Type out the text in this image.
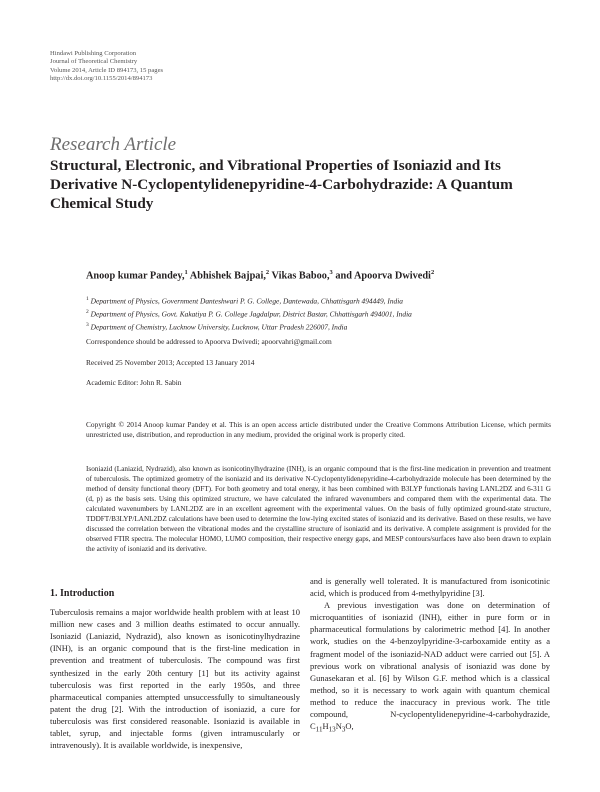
Hindawi Publishing Corporation
Journal of Theoretical Chemistry
Volume 2014, Article ID 894173, 15 pages
http://dx.doi.org/10.1155/2014/894173
Research Article
Structural, Electronic, and Vibrational Properties of Isoniazid and Its Derivative N-Cyclopentylidenepyridine-4-Carbohydrazide: A Quantum Chemical Study
Anoop kumar Pandey,$^1$ Abhishek Bajpai,$^2$ Vikas Baboo,$^3$ and Apoorva Dwivedi$^2$
$^1$ Department of Physics, Government Danteshwari P. G. College, Dantewada, Chhattisgarh 494449, India
$^2$ Department of Physics, Govt. Kakatiya P. G. College Jagdalpur, District Bastar, Chhattisgarh 494001, India
$^3$ Department of Chemistry, Lucknow University, Lucknow, Uttar Pradesh 226007, India
Correspondence should be addressed to Apoorva Dwivedi; apoorvahri@gmail.com
Received 25 November 2013; Accepted 13 January 2014
Academic Editor: John R. Sabin
Copyright © 2014 Anoop kumar Pandey et al. This is an open access article distributed under the Creative Commons Attribution License, which permits unrestricted use, distribution, and reproduction in any medium, provided the original work is properly cited.
Isoniazid (Laniazid, Nydrazid), also known as isonicotinylhydrazine (INH), is an organic compound that is the first-line medication in prevention and treatment of tuberculosis. The optimized geometry of the isoniazid and its derivative N-Cyclopentylidenepyridine-4-carbohydrazide molecule has been determined by the method of density functional theory (DFT). For both geometry and total energy, it has been combined with B3LYP functionals having LANL2DZ and 6-311 G (d, p) as the basis sets. Using this optimized structure, we have calculated the infrared wavenumbers and compared them with the experimental data. The calculated wavenumbers by LANL2DZ are in an excellent agreement with the experimental values. On the basis of fully optimized ground-state structure, TDDFT/B3LYP/LANL2DZ calculations have been used to determine the low-lying excited states of isoniazid and its derivative. Based on these results, we have discussed the correlation between the vibrational modes and the crystalline structure of isoniazid and its derivative. A complete assignment is provided for the observed FTIR spectra. The molecular HOMO, LUMO composition, their respective energy gaps, and MESP contours/surfaces have also been drawn to explain the activity of isoniazid and its derivative.

1. Introduction

Tuberculosis remains a major worldwide health problem with at least 10 million new cases and 3 million deaths estimated to occur annually. Isoniazid (Laniazid, Nydrazid), also known as isonicotinylhydrazine (INH), is an organic compound that is the first-line medication in prevention and treatment of tuberculosis. The compound was first synthesized in the early 20th century [1] but its activity against tuberculosis was first reported in the early 1950s, and three pharmaceutical companies attempted unsuccessfully to simultaneously patent the drug [2]. With the introduction of isoniazid, a cure for tuberculosis was first considered reasonable. Isoniazid is available in tablet, syrup, and injectable forms (given intramuscularly or intravenously). It is available worldwide, is inexpensive,

and is generally well tolerated. It is manufactured from isonicotinic acid, which is produced from 4-methylpyridine [3].

A previous investigation was done on determination of microquantities of isoniazid (INH), either in pure form or in pharmaceutical formulations by calorimetric method [4]. In another work, studies on the 4-benzoylpyridine-3-carboxamide entity as a fragment model of the isoniazid-NAD adduct were carried out [5]. A previous work on vibrational analysis of isoniazid was done by Gunasekaran et al. [6] by Wilson G.F. method which is a classical method, so it is necessary to work again with quantum chemical method to reduce the inaccuracy in previous work. The title compound, N-cyclopentylidenepyridine-4-carbohydrazide, $C_{11}H_{13}N_3O$,
